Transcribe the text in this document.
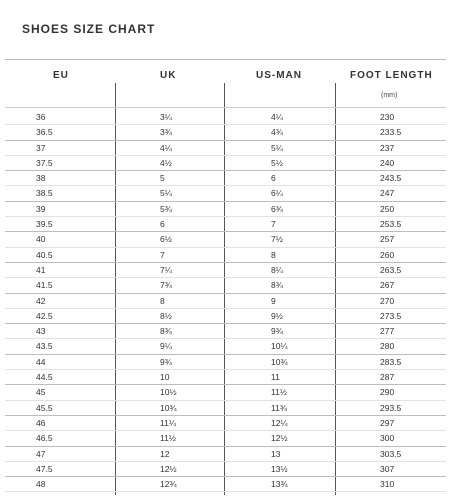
SHOES SIZE CHART
EU	UK	US-MAN	FOOT LENGTH
(mm)
36	3¼	4¼	230
36.5	3¾	4¾	233.5
37	4¼	5¼	237
37.5	4½	5½	240
38	5	6	243.5
38.5	5¼	6¼	247
39	5¾	6¾	250
39.5	6	7	253.5
40	6½	7½	257
40.5	7	8	260
41	7¼	8¼	263.5
41.5	7¾	8¾	267
42	8	9	270
42.5	8½	9½	273.5
43	8¾	9¾	277
43.5	9¼	10¼	280
44	9¾	10¾	283.5
44.5	10	11	287
45	10½	11½	290
45.5	10¾	11¾	293.5
46	11¼	12¼	297
46.5	11½	12½	300
47	12	13	303.5
47.5	12½	13½	307
48	12¾	13¾	310
